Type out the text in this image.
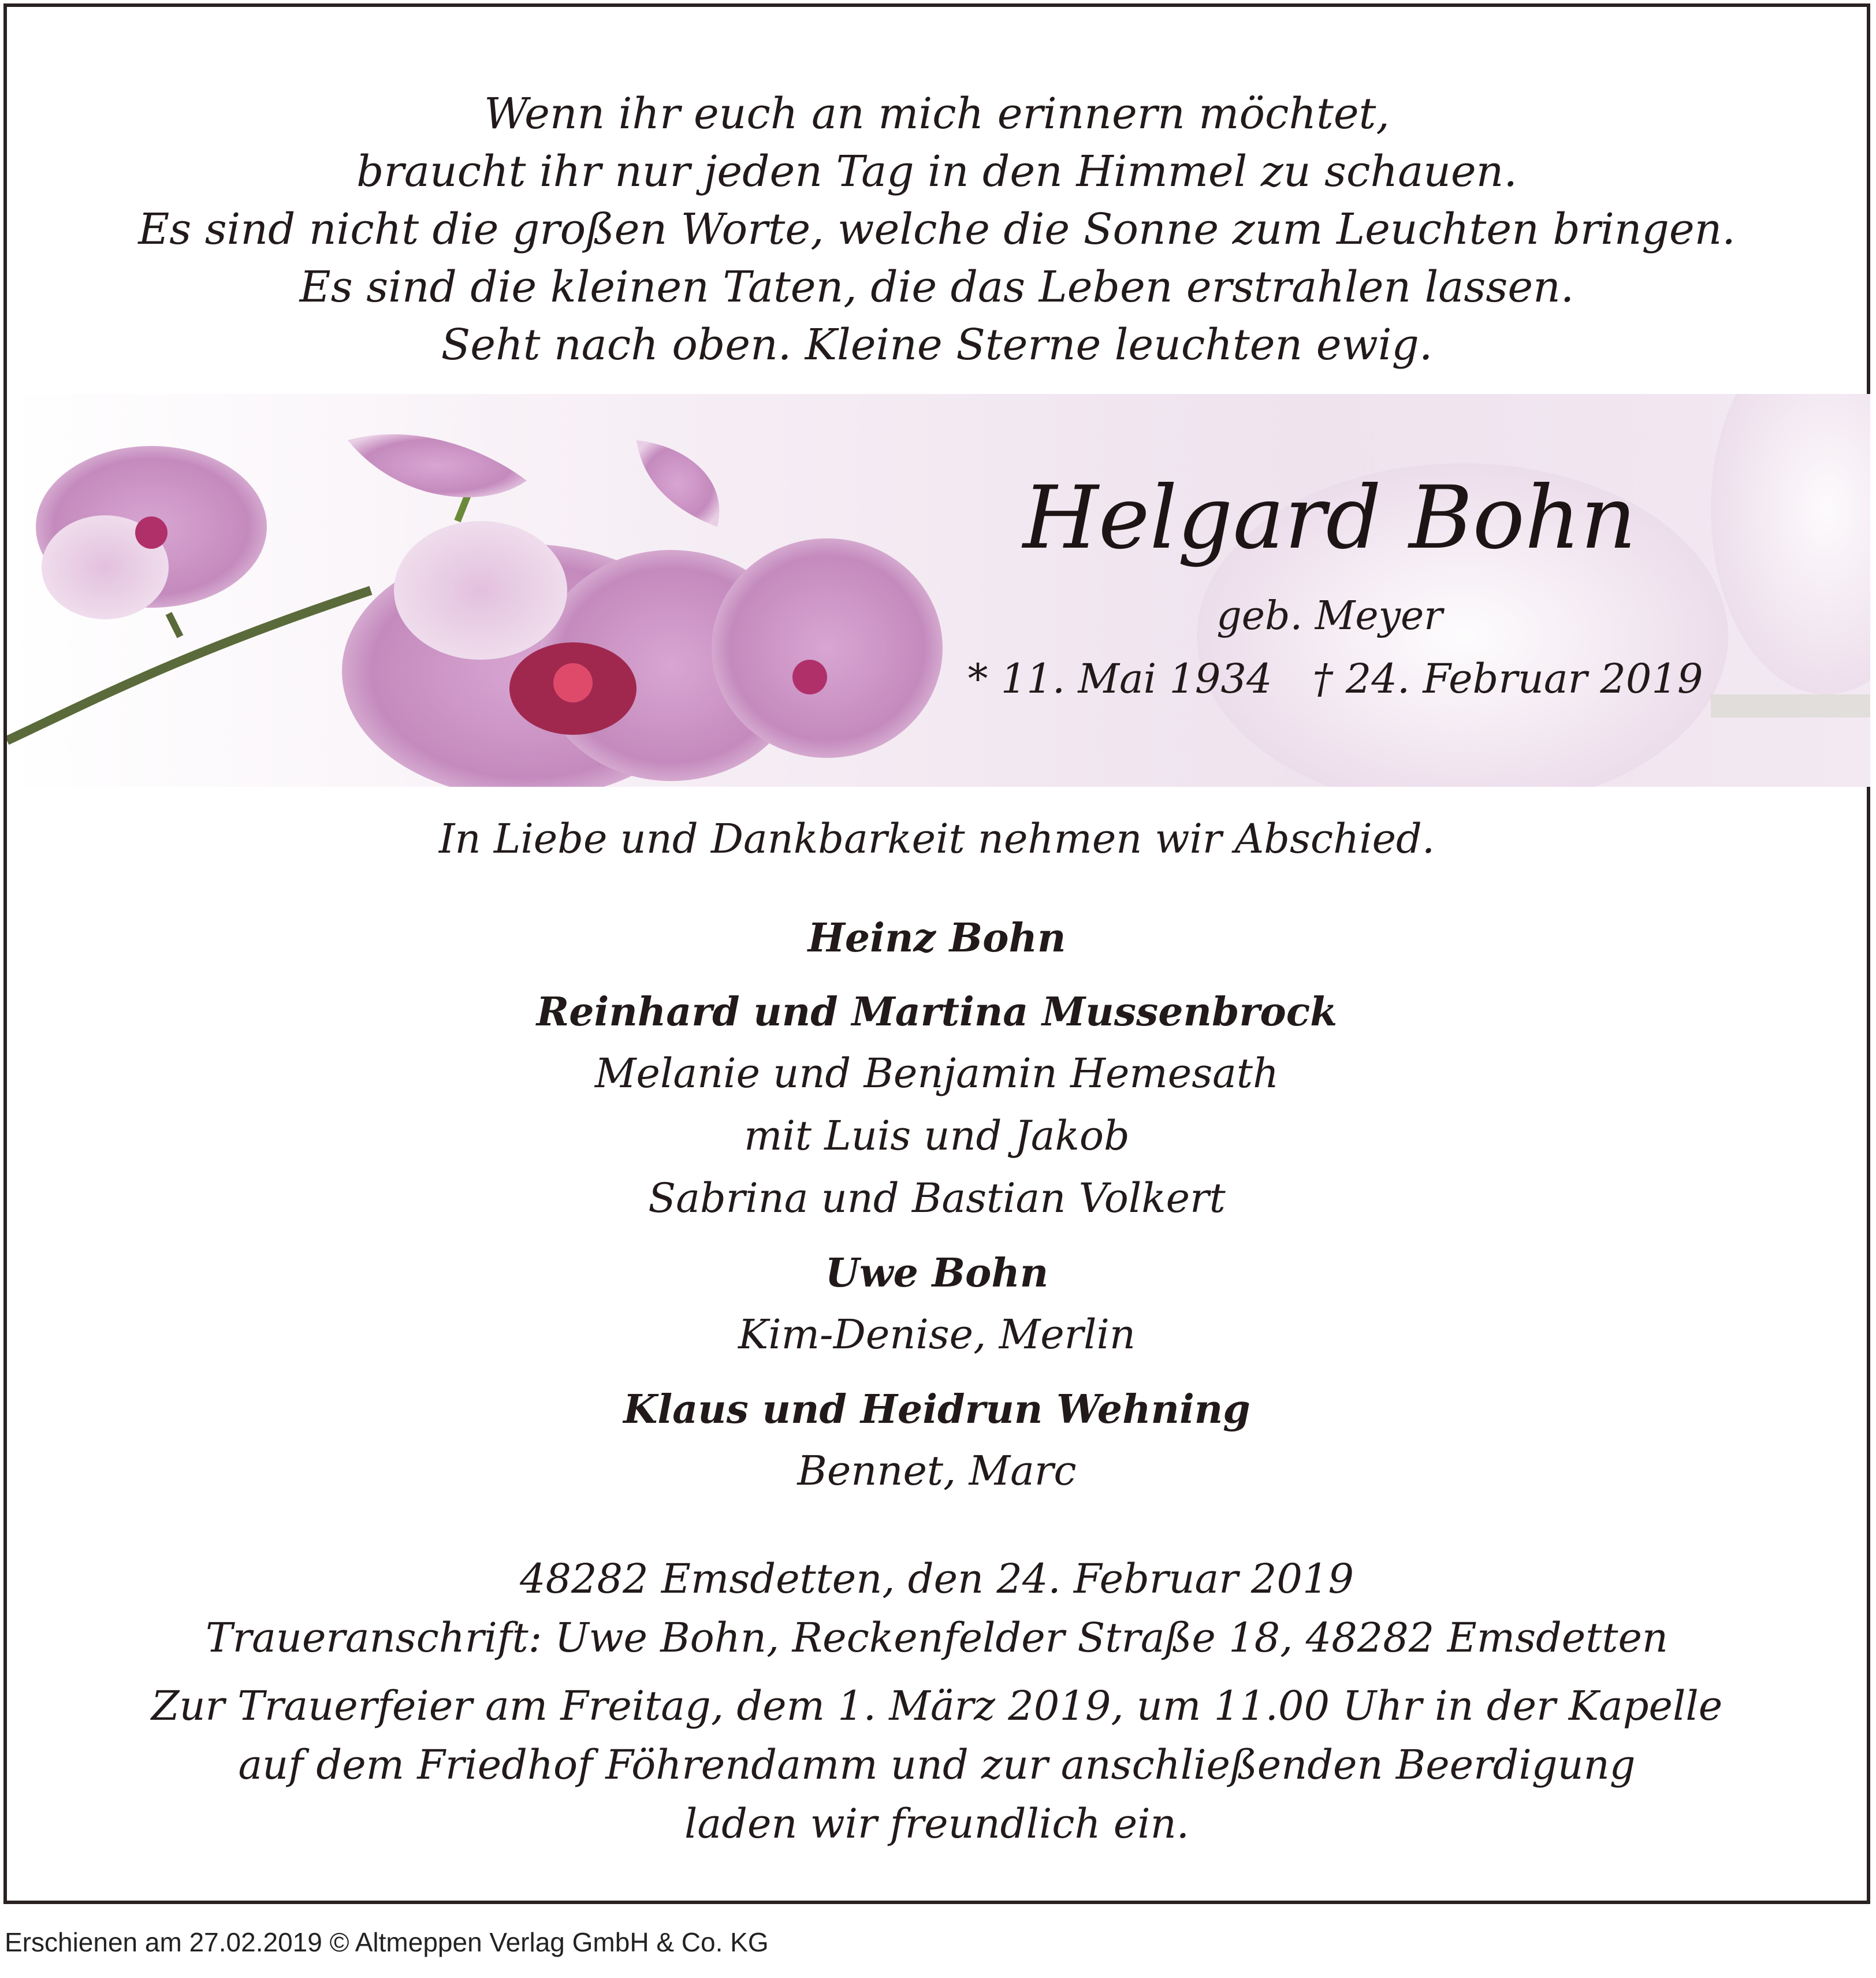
Wenn ihr euch an mich erinnern möchtet,
braucht ihr nur jeden Tag in den Himmel zu schauen.
Es sind nicht die großen Worte, welche die Sonne zum Leuchten bringen.
Es sind die kleinen Taten, die das Leben erstrahlen lassen.
Seht nach oben. Kleine Sterne leuchten ewig.
Helgard Bohn
geb. Meyer
* 11. Mai 1934 † 24. Februar 2019
In Liebe und Dankbarkeit nehmen wir Abschied.
Heinz Bohn
Reinhard und Martina Mussenbrock
Melanie und Benjamin Hemesath
mit Luis und Jakob
Sabrina und Bastian Volkert
Uwe Bohn
Kim-Denise, Merlin
Klaus und Heidrun Wehning
Bennet, Marc
48282 Emsdetten, den 24. Februar 2019
Traueranschrift: Uwe Bohn, Reckenfelder Straße 18, 48282 Emsdetten
Zur Trauerfeier am Freitag, dem 1. März 2019, um 11.00 Uhr in der Kapelle
auf dem Friedhof Föhrendamm und zur anschließenden Beerdigung
laden wir freundlich ein.
Erschienen am 27.02.2019 © Altmeppen Verlag GmbH & Co. KG
